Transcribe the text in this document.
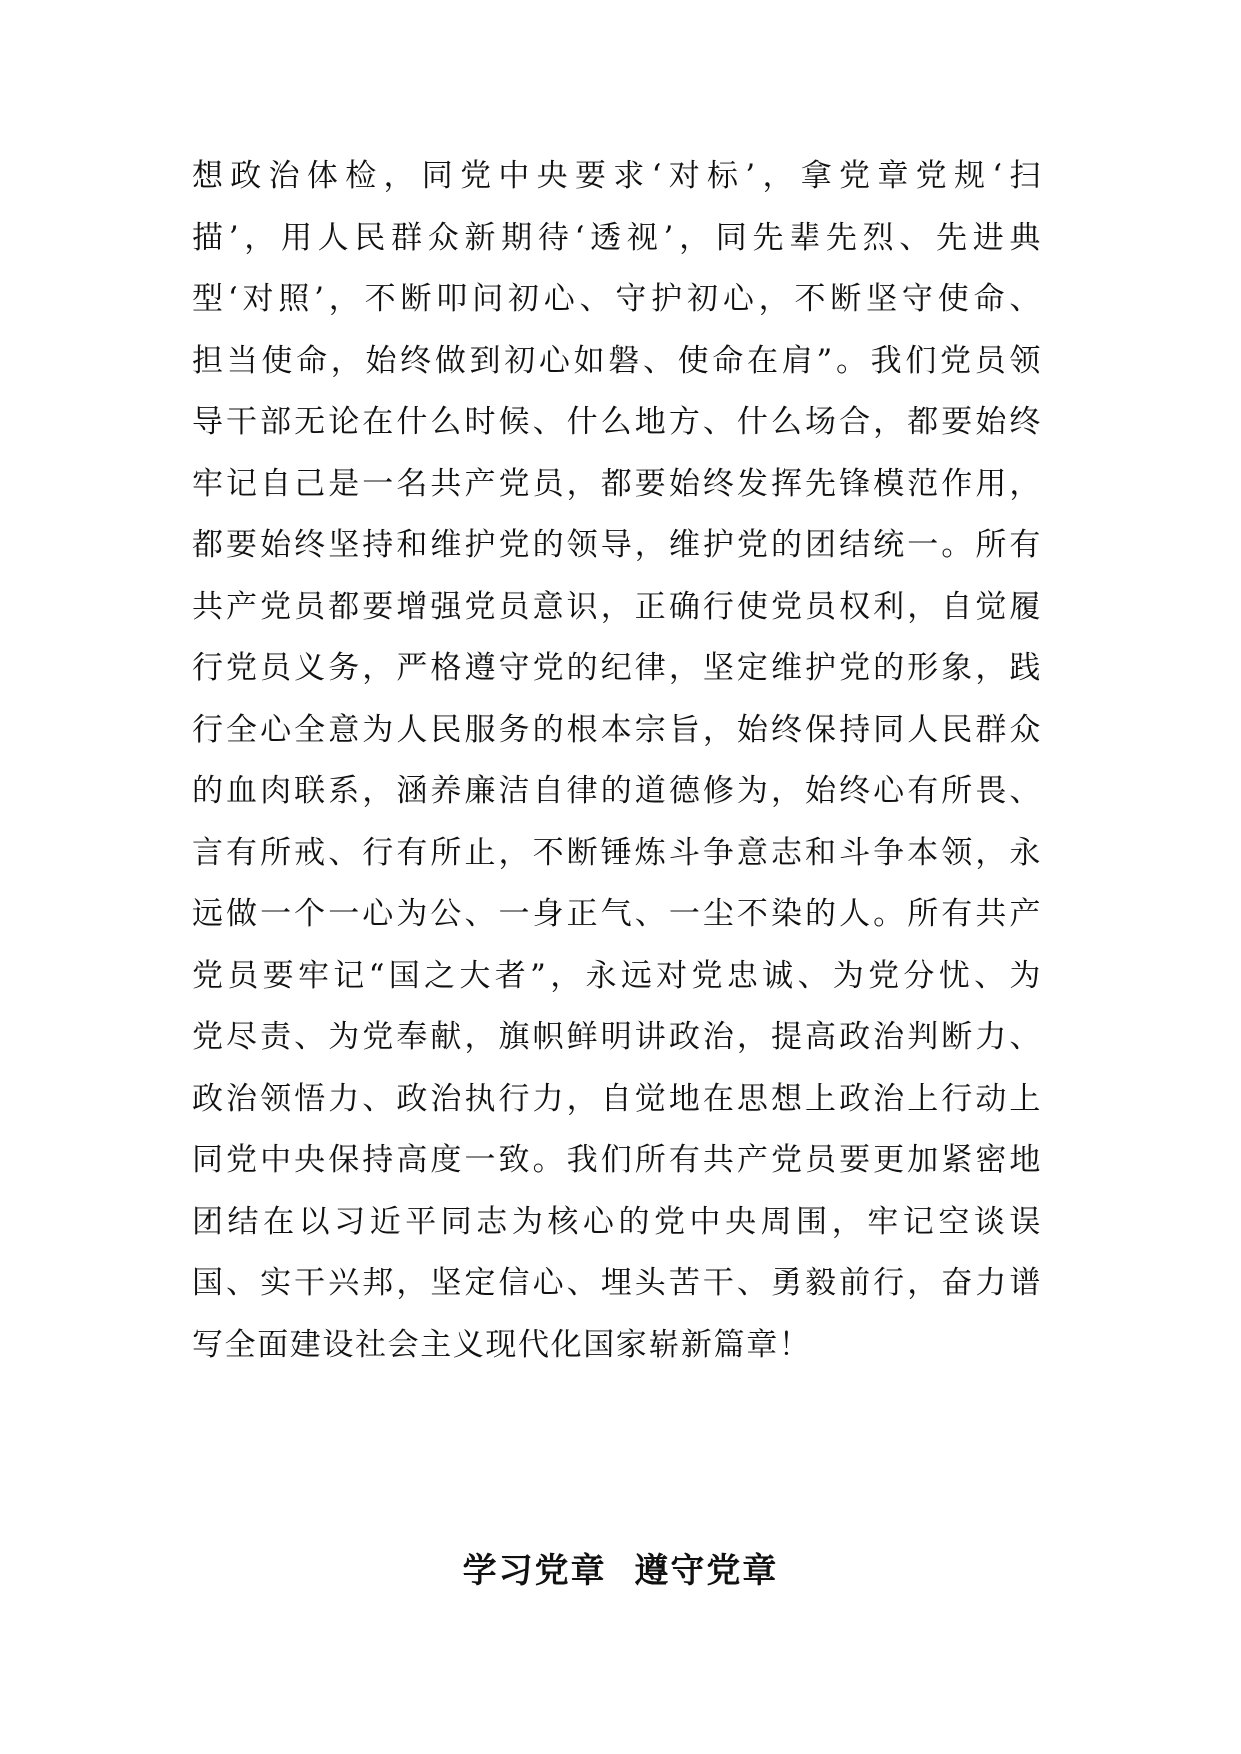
想政治体检，同党中央要求‘对标’，拿党章党规‘扫
描’，用人民群众新期待‘透视’，同先辈先烈、先进典
型‘对照’，不断叩问初心、守护初心，不断坚守使命、
担当使命，始终做到初心如磐、使命在肩”。我们党员领
导干部无论在什么时候、什么地方、什么场合，都要始终
牢记自己是一名共产党员，都要始终发挥先锋模范作用，
都要始终坚持和维护党的领导，维护党的团结统一。所有
共产党员都要增强党员意识，正确行使党员权利，自觉履
行党员义务，严格遵守党的纪律，坚定维护党的形象，践
行全心全意为人民服务的根本宗旨，始终保持同人民群众
的血肉联系，涵养廉洁自律的道德修为，始终心有所畏、
言有所戒、行有所止，不断锤炼斗争意志和斗争本领，永
远做一个一心为公、一身正气、一尘不染的人。所有共产
党员要牢记“国之大者”，永远对党忠诚、为党分忧、为
党尽责、为党奉献，旗帜鲜明讲政治，提高政治判断力、
政治领悟力、政治执行力，自觉地在思想上政治上行动上
同党中央保持高度一致。我们所有共产党员要更加紧密地
团结在以习近平同志为核心的党中央周围，牢记空谈误
国、实干兴邦，坚定信心、埋头苦干、勇毅前行，奋力谱
写全面建设社会主义现代化国家崭新篇章！
学习党章  遵守党章
